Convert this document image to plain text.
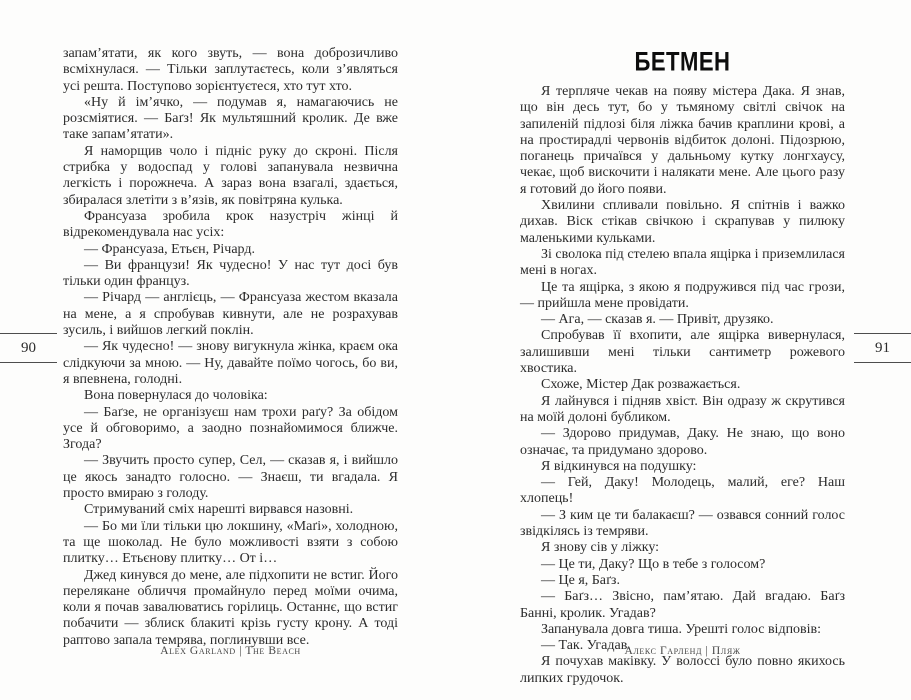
90

запам’ятати, як кого звуть, — вона доброзичливо всміхнулася. — Тільки заплутаєтесь, коли з’являться усі решта. Поступово зорієнтуєтеся, хто тут хто.

«Ну й ім’ячко, — подумав я, намагаючись не розсміятися. — Баґз! Як мультяшний кролик. Де вже таке запам’ятати».

Я наморщив чоло і підніс руку до скроні. Після стрибка у водоспад у голові запанувала незвична легкість і порожнеча. А зараз вона взагалі, здається, збиралася злетіти з в’язів, як повітряна кулька.

Франсуаза зробила крок назустріч жінці й відрекомендувала нас усіх:

— Франсуаза, Етьєн, Річард.

— Ви французи! Як чудесно! У нас тут досі був тільки один француз.

— Річард — англієць, — Франсуаза жестом вказала на мене, а я спробував кивнути, але не розрахував зусиль, і вийшов легкий поклін.

— Як чудесно! — знову вигукнула жінка, краєм ока слідкуючи за мною. — Ну, давайте поїмо чогось, бо ви, я впевнена, голодні.

Вона повернулася до чоловіка:

— Баґзе, не організуєш нам трохи раґу? За обідом усе й обговоримо, а заодно познайомимося ближче. Згода?

— Звучить просто супер, Сел, — сказав я, і вийшло це якось занадто голосно. — Знаєш, ти вгадала. Я просто вмираю з голоду.

Стримуваний сміх нарешті вирвався назовні.

— Бо ми їли тільки цю локшину, «Маґі», холодною, та ще шоколад. Не було можливості взяти з собою плитку… Етьєнову плитку… От і…

Джед кинувся до мене, але підхопити не встиг. Його перелякане обличчя промайнуло перед моїми очима, коли я почав завалюватись горілиць. Останнє, що встиг побачити — зблиск блакиті крізь густу крону. А тоді раптово запала темрява, поглинувши все.

Alex Garland | The Beach
БЕТМЕН

Я терпляче чекав на появу містера Дака. Я знав, що він десь тут, бо у тьмяному світлі свічок на запиленій підлозі біля ліжка бачив краплини крові, а на простирадлі червонів відбиток долоні. Підозрюю, поганець причаївся у дальньому кутку лонгхаусу, чекає, щоб вискочити і налякати мене. Але цього разу я готовий до його появи.

Хвилини спливали повільно. Я спітнів і важко дихав. Віск стікав свічкою і скрапував у пилюку маленькими кульками.

Зі сволока під стелею впала ящірка і приземлилася мені в ногах.

Це та ящірка, з якою я подружився під час грози, — прийшла мене провідати.

— Ага, — сказав я. — Привіт, друзяко.

Спробував її вхопити, але ящірка вивернулася, залишивши мені тільки сантиметр рожевого хвостика.

Схоже, Містер Дак розважається.

Я лайнувся і підняв хвіст. Він одразу ж скрутився на моїй долоні бубликом.

— Здорово придумав, Даку. Не знаю, що воно означає, та придумано здорово.

Я відкинувся на подушку:

— Гей, Даку! Молодець, малий, еге? Наш хлопець!

— З ким це ти балакаєш? — озвався сонний голос звідкілясь із темряви.

Я знову сів у ліжку:

— Це ти, Даку? Що в тебе з голосом?

— Це я, Баґз.

— Баґз… Звісно, пам’ятаю. Дай вгадаю. Баґз Банні, кролик. Угадав?

Запанувала довга тиша. Урешті голос відповів:

— Так. Угадав.

Я почухав маківку. У волоссі було повно якихось липких грудочок.

91
Алекс Гарленд | Пляж
